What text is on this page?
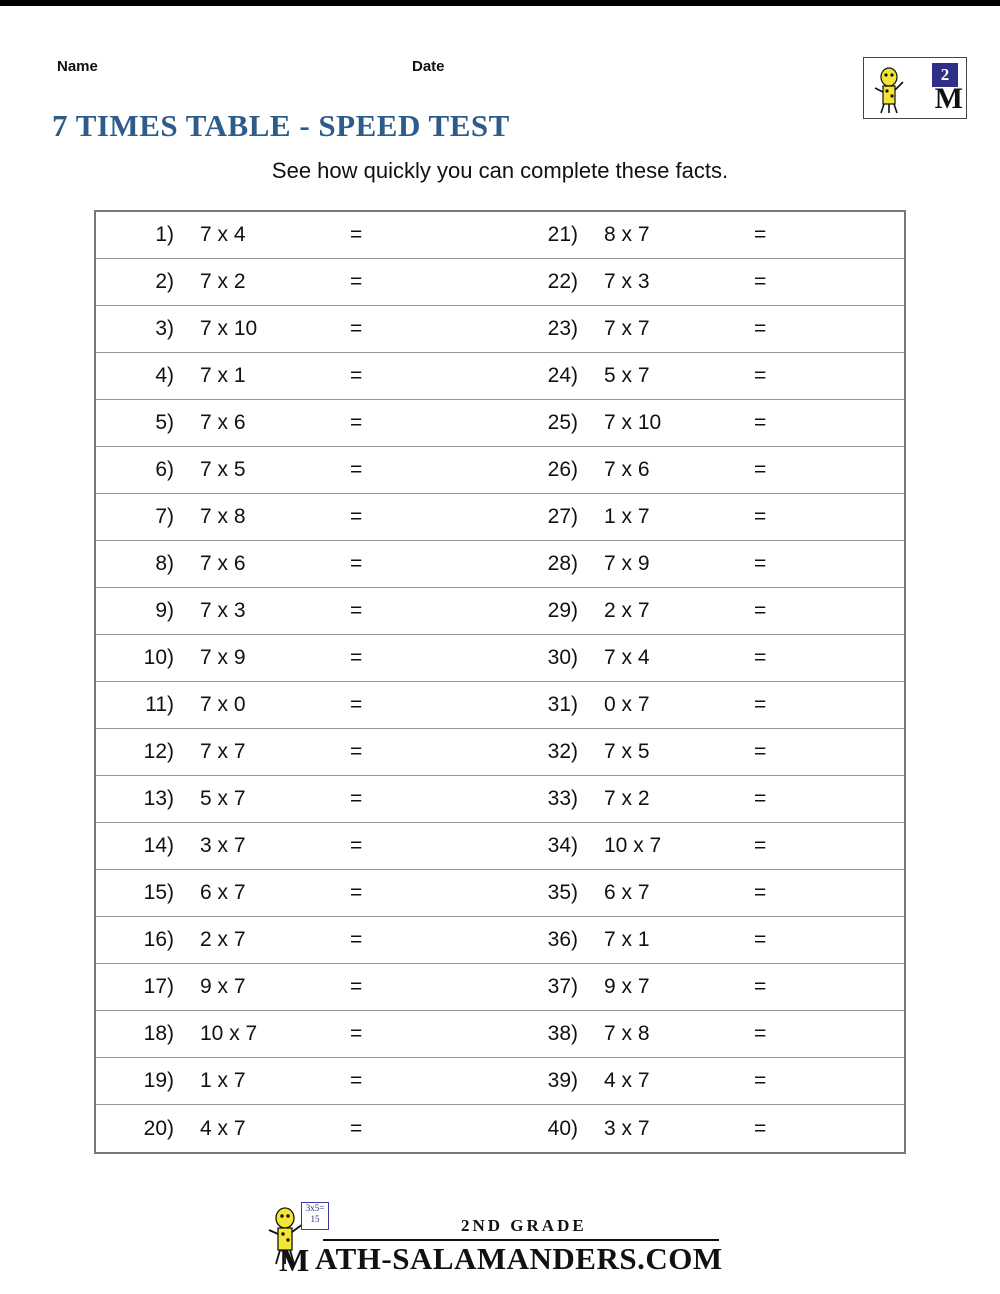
Name	Date	2
M
7 TIMES TABLE - SPEED TEST
See how quickly you can complete these facts.
1)	7 x 4	=	21)	8 x 7	=
2)	7 x 2	=	22)	7 x 3	=
3)	7 x 10	=	23)	7 x 7	=
4)	7 x 1	=	24)	5 x 7	=
5)	7 x 6	=	25)	7 x 10	=
6)	7 x 5	=	26)	7 x 6	=
7)	7 x 8	=	27)	1 x 7	=
8)	7 x 6	=	28)	7 x 9	=
9)	7 x 3	=	29)	2 x 7	=
10)	7 x 9	=	30)	7 x 4	=
11)	7 x 0	=	31)	0 x 7	=
12)	7 x 7	=	32)	7 x 5	=
13)	5 x 7	=	33)	7 x 2	=
14)	3 x 7	=	34)	10 x 7	=
15)	6 x 7	=	35)	6 x 7	=
16)	2 x 7	=	36)	7 x 1	=
17)	9 x 7	=	37)	9 x 7	=
18)	10 x 7	=	38)	7 x 8	=
19)	1 x 7	=	39)	4 x 7	=
20)	4 x 7	=	40)	3 x 7	=
3x5=
15	2ND GRADE
M ATH-SALAMANDERS.COM
